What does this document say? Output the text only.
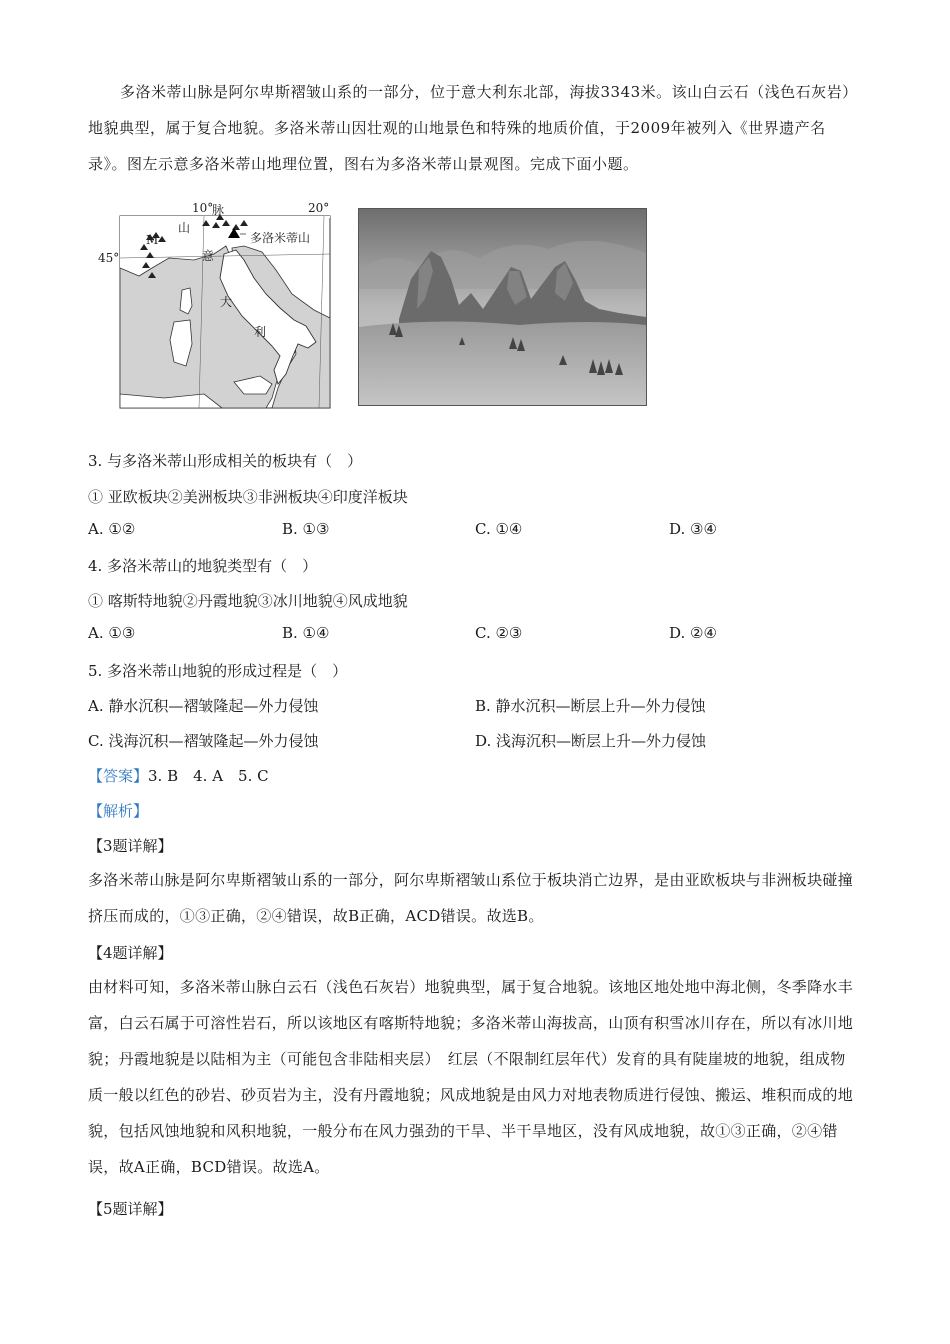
多洛米蒂山脉是阿尔卑斯褶皱山系的一部分，位于意大利东北部，海拔3343米。该山白云石（浅色石灰岩）地貌典型，属于复合地貌。多洛米蒂山因壮观的山地景色和特殊的地质价值，于2009年被列入《世界遗产名录》。图左示意多洛米蒂山地理位置，图右为多洛米蒂山景观图。完成下面小题。
10°	20°
45°
M
山
脉
多洛米蒂山
意
大
利
3. 与多洛米蒂山形成相关的板块有（　）
① 亚欧板块②美洲板块③非洲板块④印度洋板块
A. ①②	B. ①③	C. ①④	D. ③④
4. 多洛米蒂山的地貌类型有（　）
① 喀斯特地貌②丹霞地貌③冰川地貌④风成地貌
A. ①③	B. ①④	C. ②③	D. ②④
5. 多洛米蒂山地貌的形成过程是（　）
A. 静水沉积—褶皱隆起—外力侵蚀	B. 静水沉积—断层上升—外力侵蚀
C. 浅海沉积—褶皱隆起—外力侵蚀	D. 浅海沉积—断层上升—外力侵蚀
【答案】3. B　4. A　5. C
【解析】
【3题详解】
多洛米蒂山脉是阿尔卑斯褶皱山系的一部分，阿尔卑斯褶皱山系位于板块消亡边界，是由亚欧板块与非洲板块碰撞挤压而成的，①③正确，②④错误，故B正确，ACD错误。故选B。
【4题详解】
由材料可知，多洛米蒂山脉白云石（浅色石灰岩）地貌典型，属于复合地貌。该地区地处地中海北侧，冬季降水丰富，白云石属于可溶性岩石，所以该地区有喀斯特地貌；多洛米蒂山海拔高，山顶有积雪冰川存在，所以有冰川地貌；丹霞地貌是以陆相为主（可能包含非陆相夹层）　红层（不限制红层年代）发育的具有陡崖坡的地貌，组成物质一般以红色的砂岩、砂页岩为主，没有丹霞地貌；风成地貌是由风力对地表物质进行侵蚀、搬运、堆积而成的地貌，包括风蚀地貌和风积地貌，一般分布在风力强劲的干旱、半干旱地区，没有风成地貌，故①③正确，②④错误，故A正确，BCD错误。故选A。
【5题详解】
